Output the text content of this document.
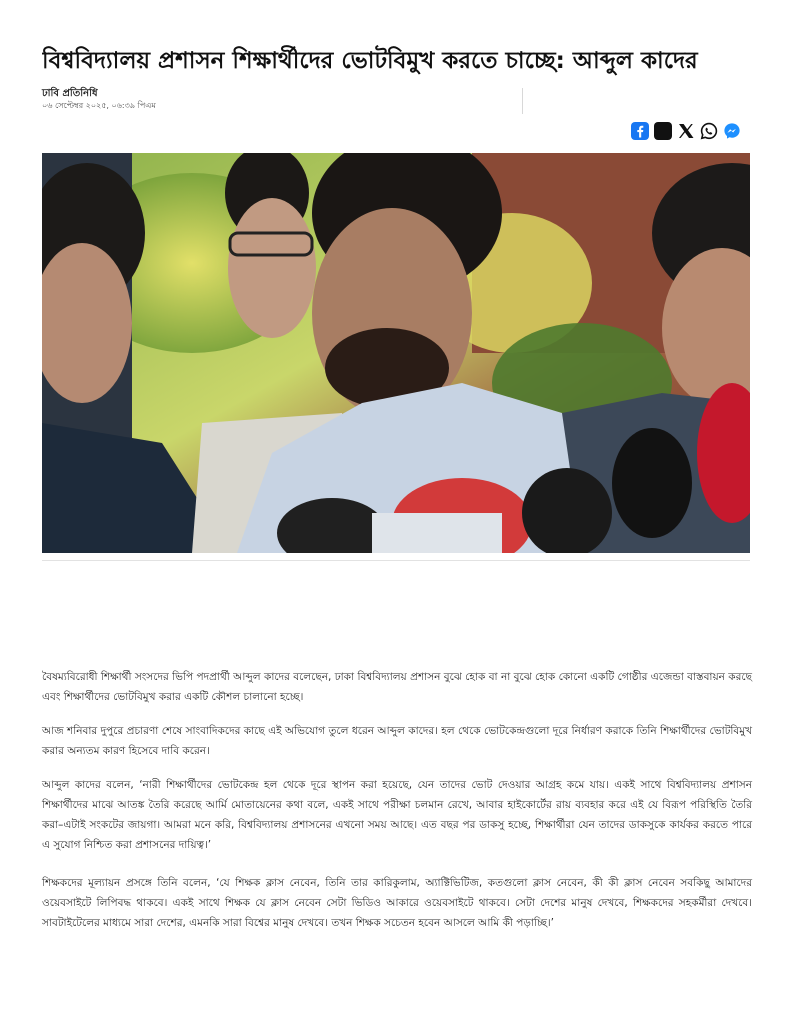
বিশ্ববিদ্যালয় প্রশাসন শিক্ষার্থীদের ভোটবিমুখ করতে চাচ্ছে: আব্দুল কাদের
ঢাবি প্রতিনিধি
০৬ সেপ্টেম্বর ২০২৫, ০৬:৩৯ পিএম

বৈষম্যবিরোধী শিক্ষার্থী সংসদের ভিপি পদপ্রার্থী আব্দুল কাদের বলেছেন, ঢাকা বিশ্ববিদ্যালয় প্রশাসন বুঝে হোক বা না বুঝে হোক কোনো একটি গোষ্ঠীর এজেন্ডা বাস্তবায়ন করছে এবং শিক্ষার্থীদের ভোটবিমুখ করার একটি কৌশল চালানো হচ্ছে।

আজ শনিবার দুপুরে প্রচারণা শেষে সাংবাদিকদের কাছে এই অভিযোগ তুলে ধরেন আব্দুল কাদের। হল থেকে ভোটকেন্দ্রগুলো দূরে নির্ধারণ করাকে তিনি শিক্ষার্থীদের ভোটবিমুখ করার অন্যতম কারণ হিসেবে দাবি করেন।

আব্দুল কাদের বলেন, ‘নারী শিক্ষার্থীদের ভোটকেন্দ্র হল থেকে দূরে স্থাপন করা হয়েছে, যেন তাদের ভোট দেওয়ার আগ্রহ কমে যায়। একই সাথে বিশ্ববিদ্যালয় প্রশাসন শিক্ষার্থীদের মাঝে আতঙ্ক তৈরি করেছে আর্মি মোতায়েনের কথা বলে, একই সাথে পরীক্ষা চলমান রেখে, আবার হাইকোর্টের রায় ব্যবহার করে এই যে বিরূপ পরিস্থিতি তৈরি করা–এটাই সংকটের জায়গা। আমরা মনে করি, বিশ্ববিদ্যালয় প্রশাসনের এখনো সময় আছে। এত বছর পর ডাকসু হচ্ছে, শিক্ষার্থীরা যেন তাদের ডাকসুকে কার্যকর করতে পারে এ সুযোগ নিশ্চিত করা প্রশাসনের দায়িত্ব।’

শিক্ষকদের মূল্যায়ন প্রসঙ্গে তিনি বলেন, ‘যে শিক্ষক ক্লাস নেবেন, তিনি তার কারিকুলাম, অ্যাক্টিভিটিজ, কতগুলো ক্লাস নেবেন, কী কী ক্লাস নেবেন সবকিছু আমাদের ওয়েবসাইটে লিপিবদ্ধ থাকবে। একই সাথে শিক্ষক যে ক্লাস নেবেন সেটা ভিডিও আকারে ওয়েবসাইটে থাকবে। সেটা দেশের মানুষ দেখবে, শিক্ষকদের সহকর্মীরা দেখবে। সাবটাইটেলের মাধ্যমে সারা দেশের, এমনকি সারা বিশ্বের মানুষ দেখবে। তখন শিক্ষক সচেতন হবেন আসলে আমি কী পড়াচ্ছি।’
